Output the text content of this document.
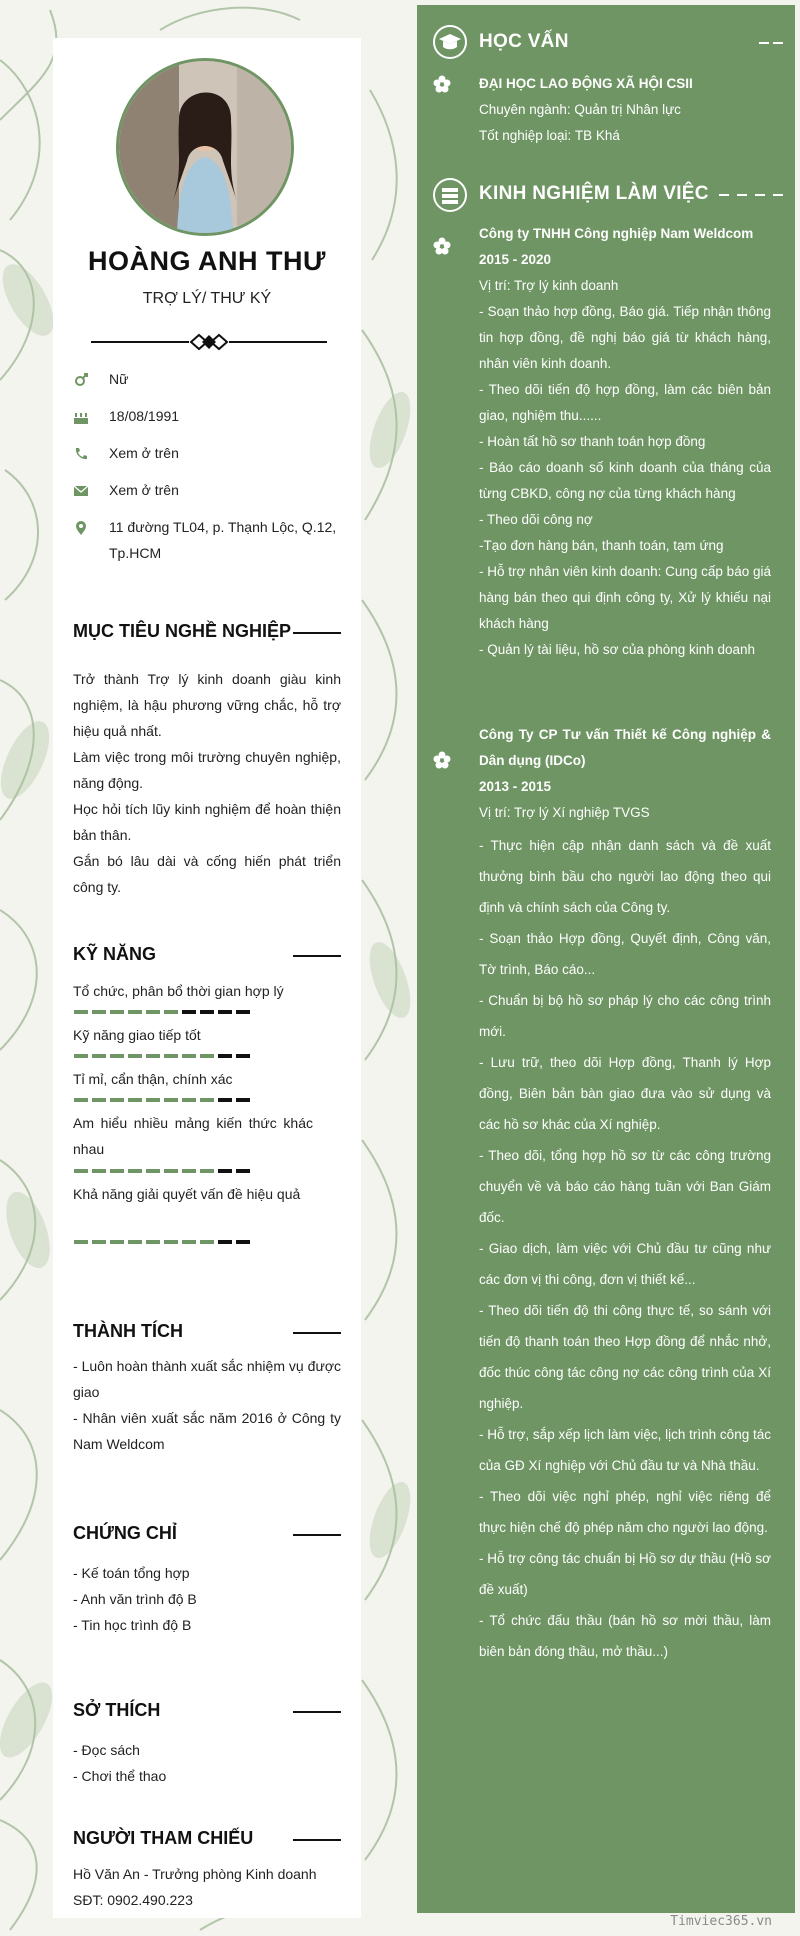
HOÀNG ANH THƯ
TRỢ LÝ/ THƯ KÝ
Nữ
18/08/1991
Xem ở trên
Xem ở trên
11 đường TL04, p. Thạnh Lộc, Q.12, Tp.HCM
MỤC TIÊU NGHỀ NGHIỆP
Trở thành Trợ lý kinh doanh giàu kinh nghiệm, là hậu phương vững chắc, hỗ trợ hiệu quả nhất.
Làm việc trong môi trường chuyên nghiệp, năng động.
Học hỏi tích lũy kinh nghiệm để hoàn thiện bản thân.
Gắn bó lâu dài và cống hiến phát triển công ty.
KỸ NĂNG
Tổ chức, phân bổ thời gian hợp lý
Kỹ năng giao tiếp tốt
Tỉ mỉ, cẩn thận, chính xác
Am hiểu nhiều mảng kiến thức khác nhau
Khả năng giải quyết vấn đề hiệu quả
THÀNH TÍCH
- Luôn hoàn thành xuất sắc nhiệm vụ được giao
- Nhân viên xuất sắc năm 2016 ở Công ty Nam Weldcom
CHỨNG CHỈ
- Kế toán tổng hợp
- Anh văn trình độ B
- Tin học trình độ B
SỞ THÍCH
- Đọc sách
- Chơi thể thao
NGƯỜI THAM CHIẾU
Hồ Văn An - Trưởng phòng Kinh doanh
SĐT: 0902.490.223
HỌC VẤN
ĐẠI HỌC LAO ĐỘNG XÃ HỘI CSII
Chuyên ngành: Quản trị Nhân lực
Tốt nghiệp loại: TB Khá
KINH NGHIỆM LÀM VIỆC
Công ty TNHH Công nghiệp Nam Weldcom
2015 - 2020
Vị trí: Trợ lý kinh doanh
- Soạn thảo hợp đồng, Báo giá. Tiếp nhận thông tin hợp đồng, đề nghị báo giá từ khách hàng, nhân viên kinh doanh.
- Theo dõi tiến độ hợp đồng, làm các biên bản giao, nghiệm thu......
- Hoàn tất hồ sơ thanh toán hợp đồng
- Báo cáo doanh số kinh doanh của tháng của từng CBKD, công nợ của từng khách hàng
- Theo dõi công nợ
-Tạo đơn hàng bán, thanh toán, tạm ứng
- Hỗ trợ nhân viên kinh doanh: Cung cấp báo giá hàng bán theo qui định công ty, Xử lý khiếu nại khách hàng
- Quản lý tài liệu, hồ sơ của phòng kinh doanh
Công Ty CP Tư vấn Thiết kế Công nghiệp & Dân dụng (IDCo)
2013 - 2015
Vị trí: Trợ lý Xí nghiệp TVGS
- Thực hiện cập nhận danh sách và đề xuất thưởng bình bầu cho người lao động theo qui định và chính sách của Công ty.
- Soạn thảo Hợp đồng, Quyết định, Công văn, Tờ trình, Báo cáo...
- Chuẩn bị bộ hồ sơ pháp lý cho các công trình mới.
- Lưu trữ, theo dõi Hợp đồng, Thanh lý Hợp đồng, Biên bản bàn giao đưa vào sử dụng và các hồ sơ khác của Xí nghiệp.
- Theo dõi, tổng hợp hồ sơ từ các công trường chuyển về và báo cáo hàng tuần với Ban Giám đốc.
- Giao dịch, làm việc với Chủ đầu tư cũng như các đơn vị thi công, đơn vị thiết kế...
- Theo dõi tiến độ thi công thực tế, so sánh với tiến độ thanh toán theo Hợp đồng để nhắc nhở, đốc thúc công tác công nợ các công trình của Xí nghiệp.
- Hỗ trợ, sắp xếp lịch làm việc, lịch trình công tác của GĐ Xí nghiệp với Chủ đầu tư và Nhà thầu.
- Theo dõi việc nghỉ phép, nghỉ việc riêng để thực hiện chế độ phép năm cho người lao động.
- Hỗ trợ công tác chuẩn bị Hồ sơ dự thầu (Hồ sơ đề xuất)
- Tổ chức đấu thầu (bán hồ sơ mời thầu, làm biên bản đóng thầu, mở thầu...)
Timviec365.vn
